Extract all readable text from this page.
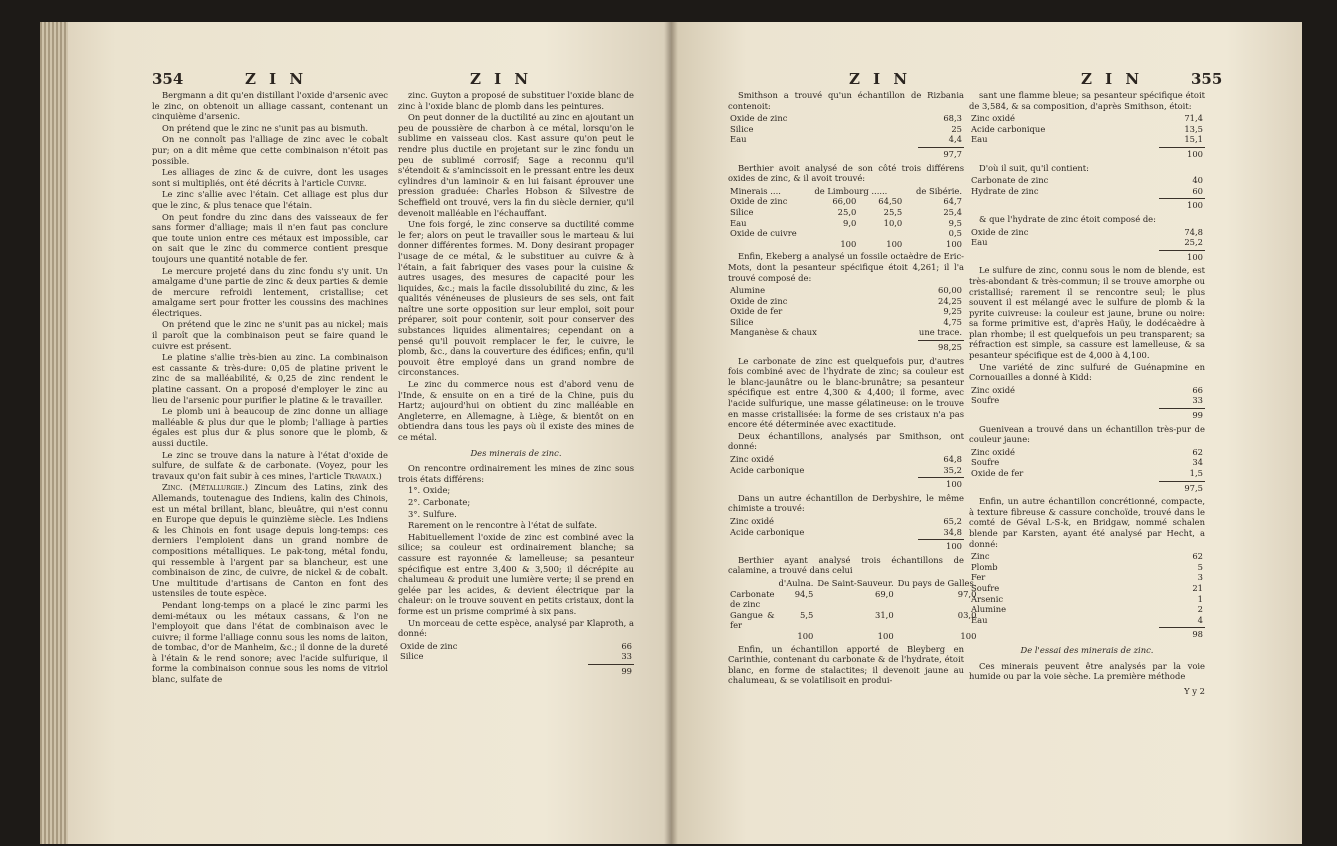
354	Z I N	Z I N

Bergmann a dit qu'en distillant l'oxide d'arsenic avec le zinc, on obtenoit un alliage cassant, contenant un cinquième d'arsenic.

On prétend que le zinc ne s'unit pas au bismuth.

On ne connoît pas l'alliage de zinc avec le cobalt pur; on a dit même que cette combinaison n'étoit pas possible.

Les alliages de zinc & de cuivre, dont les usages sont si multipliés, ont été décrits à l'article Cuivre.

Le zinc s'allie avec l'étain. Cet alliage est plus dur que le zinc, & plus tenace que l'étain.

On peut fondre du zinc dans des vaisseaux de fer sans former d'alliage; mais il n'en faut pas conclure que toute union entre ces métaux est impossible, car on sait que le zinc du commerce contient presque toujours une quantité notable de fer.

Le mercure projeté dans du zinc fondu s'y unit. Un amalgame d'une partie de zinc & deux parties & demie de mercure refroidi lentement, cristallise; cet amalgame sert pour frotter les coussins des machines électriques.

On prétend que le zinc ne s'unit pas au nickel; mais il paroît que la combinaison peut se faire quand le cuivre est présent.

Le platine s'allie très-bien au zinc. La combinaison est cassante & très-dure: 0,05 de platine privent le zinc de sa malléabilité, & 0,25 de zinc rendent le platine cassant. On a proposé d'employer le zinc au lieu de l'arsenic pour purifier le platine & le travailler.

Le plomb uni à beaucoup de zinc donne un alliage malléable & plus dur que le plomb; l'alliage à parties égales est plus dur & plus sonore que le plomb, & aussi ductile.

Le zinc se trouve dans la nature à l'état d'oxide de sulfure, de sulfate & de carbonate. (Voyez, pour les travaux qu'on fait subir à ces mines, l'article Travaux.)

Zinc. (Métallurgie.) Zincum des Latins, zink des Allemands, toutenague des Indiens, kalin des Chinois, est un métal brillant, blanc, bleuâtre, qui n'est connu en Europe que depuis le quinzième siècle. Les Indiens & les Chinois en font usage depuis long-temps: ces derniers l'emploient dans un grand nombre de compositions métalliques. Le pak-tong, métal fondu, qui ressemble à l'argent par sa blancheur, est une combinaison de zinc, de cuivre, de nickel & de cobalt. Une multitude d'artisans de Canton en font des ustensiles de toute espèce.

Pendant long-temps on a placé le zinc parmi les demi-métaux ou les métaux cassans, & l'on ne l'employoit que dans l'état de combinaison avec le cuivre; il forme l'alliage connu sous les noms de laiton, de tombac, d'or de Manheim, &c.; il donne de la dureté à l'étain & le rend sonore; avec l'acide sulfurique, il forme la combinaison connue sous les noms de vitriol blanc, sulfate de

zinc. Guyton a proposé de substituer l'oxide blanc de zinc à l'oxide blanc de plomb dans les peintures.

On peut donner de la ductilité au zinc en ajoutant un peu de poussière de charbon à ce métal, lorsqu'on le sublime en vaisseau clos. Kast assure qu'on peut le rendre plus ductile en projetant sur le zinc fondu un peu de sublimé corrosif; Sage a reconnu qu'il s'étendoit & s'amincissoit en le pressant entre les deux cylindres d'un laminoir & en lui faisant éprouver une pression graduée: Charles Hobson & Silvestre de Scheffield ont trouvé, vers la fin du siècle dernier, qu'il devenoit malléable en l'échauffant.

Une fois forgé, le zinc conserve sa ductilité comme le fer; alors on peut le travailler sous le marteau & lui donner différentes formes. M. Dony desirant propager l'usage de ce métal, & le substituer au cuivre & à l'étain, a fait fabriquer des vases pour la cuisine & autres usages, des mesures de capacité pour les liquides, &c.; mais la facile dissolubilité du zinc, & les qualités vénéneuses de plusieurs de ses sels, ont fait naître une sorte opposition sur leur emploi, soit pour préparer, soit pour contenir, soit pour conserver des substances liquides alimentaires; cependant on a pensé qu'il pouvoit remplacer le fer, le cuivre, le plomb, &c., dans la couverture des édifices; enfin, qu'il pouvoit être employé dans un grand nombre de circonstances.

Le zinc du commerce nous est d'abord venu de l'Inde, & ensuite on en a tiré de la Chine, puis du Hartz; aujourd'hui on obtient du zinc malléable en Angleterre, en Allemagne, à Liège, & bientôt on en obtiendra dans tous les pays où il existe des mines de ce métal.

Des minerais de zinc.

On rencontre ordinairement les mines de zinc sous trois états différens:

1°. Oxide;

2°. Carbonate;

3°. Sulfure.

Rarement on le rencontre à l'état de sulfate.

Habituellement l'oxide de zinc est combiné avec la silice; sa couleur est ordinairement blanche; sa cassure est rayonnée & lamelleuse; sa pesanteur spécifique est entre 3,400 & 3,500; il décrépite au chalumeau & produit une lumière verte; il se prend en gelée par les acides, & devient électrique par la chaleur: on le trouve souvent en petits cristaux, dont la forme est un prisme comprimé à six pans.

Un morceau de cette espèce, analysé par Klaproth, a donné:

Oxide de zinc	66
Silice	33

99

Z I N	Z I N	355

Smithson a trouvé qu'un échantillon de Rizbania contenoit:

Oxide de zinc	68,3
Silice	25
Eau	4,4

97,7

Berthier avoit analysé de son côté trois différens oxides de zinc, & il avoit trouvé:

Minerais ....	de Limbourg ......		de Sibérie.
Oxide de zinc	66,00	64,50	64,7
Silice	25,0	25,5	25,4
Eau	9,0	10,0	9,5
Oxide de cuivre			0,5
	100	100	100

Enfin, Ekeberg a analysé un fossile octaèdre de Eric-Mots, dont la pesanteur spécifique étoit 4,261; il l'a trouvé composé de:

Alumine	60,00
Oxide de zinc	24,25
Oxide de fer	9,25
Silice	4,75
Manganèse & chaux	une trace.

98,25

Le carbonate de zinc est quelquefois pur, d'autres fois combiné avec de l'hydrate de zinc; sa couleur est le blanc-jaunâtre ou le blanc-brunâtre; sa pesanteur spécifique est entre 4,300 & 4,400; il forme, avec l'acide sulfurique, une masse gélatineuse: on le trouve en masse cristallisée: la forme de ses cristaux n'a pas encore été déterminée avec exactitude.

Deux échantillons, analysés par Smithson, ont donné:

Zinc oxidé	64,8
Acide carbonique	35,2

100

Dans un autre échantillon de Derbyshire, le même chimiste a trouvé:

Zinc oxidé	65,2
Acide carbonique	34,8

100

Berthier ayant analysé trois échantillons de calamine, a trouvé dans celui

	d'Aulna.	De Saint-Sauveur.	Du pays de Galles.
Carbonate de zinc	94,5	69,0	97,0
Gangue & fer	5,5	31,0	03,0
	100	100	100

Enfin, un échantillon apporté de Bleyberg en Carinthie, contenant du carbonate & de l'hydrate, étoit blanc, en forme de stalactites; il devenoit jaune au chalumeau, & se volatilisoit en produi-

sant une flamme bleue; sa pesanteur spécifique étoit de 3,584, & sa composition, d'après Smithson, étoit:

Zinc oxidé	71,4
Acide carbonique	13,5
Eau	15,1

100

D'où il suit, qu'il contient:

Carbonate de zinc	40
Hydrate de zinc	60

100

& que l'hydrate de zinc étoit composé de:

Oxide de zinc	74,8
Eau	25,2

100

Le sulfure de zinc, connu sous le nom de blende, est très-abondant & très-commun; il se trouve amorphe ou cristallisé; rarement il se rencontre seul; le plus souvent il est mélangé avec le sulfure de plomb & la pyrite cuivreuse: la couleur est jaune, brune ou noire: sa forme primitive est, d'après Haüy, le dodécaèdre à plan rhombe; il est quelquefois un peu transparent; sa réfraction est simple, sa cassure est lamelleuse, & sa pesanteur spécifique est de 4,000 à 4,100.

Une variété de zinc sulfuré de Guénapmine en Cornouailles a donné à Kidd:

Zinc oxidé	66
Soufre	33

99

Guenivean a trouvé dans un échantillon très-pur de couleur jaune:

Zinc oxidé	62
Soufre	34
Oxide de fer	1,5

97,5

Enfin, un autre échantillon concrétionné, compacte, à texture fibreuse & cassure conchoïde, trouvé dans le comté de Géval L-S-k, en Bridgaw, nommé schalen blende par Karsten, ayant été analysé par Hecht, a donné:

Zinc	62
Plomb	5
Fer	3
Soufre	21
Arsenic	1
Alumine	2
Eau	4

98

De l'essai des minerais de zinc.

Ces minerais peuvent être analysés par la voie humide ou par la voie sèche. La première méthode

Y y 2
